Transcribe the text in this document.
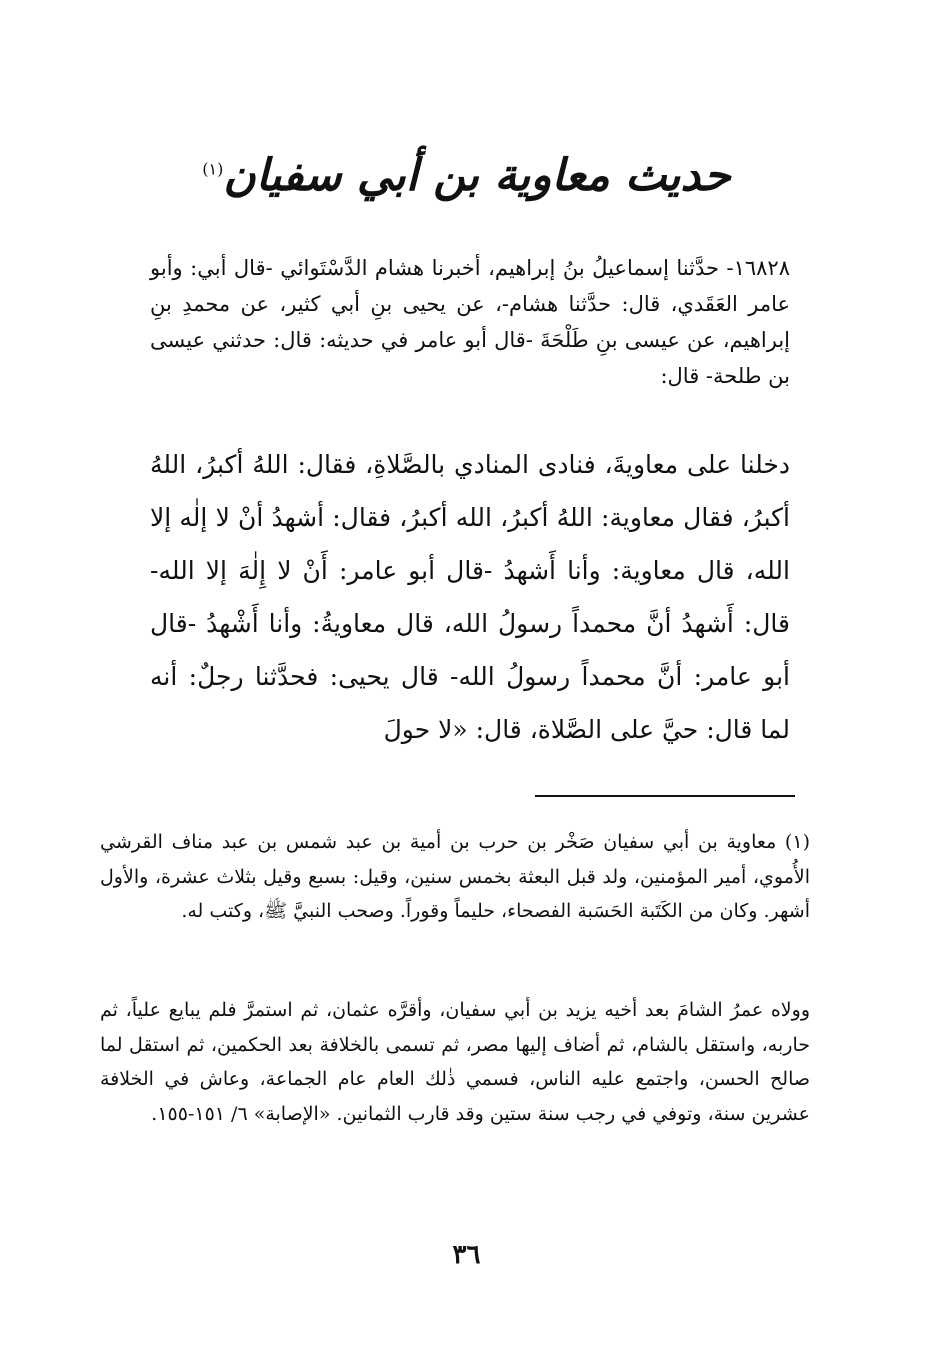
حديث معاوية بن أبي سفيان$^{(١)}$
١٦٨٢٨- حدَّثنا إسماعيلُ بنُ إبراهيم، أخبرنا هشام الدَّسْتَوائي -قال أبي: وأبو عامر العَقَدي، قال: حدَّثنا هشام-، عن يحيى بنِ أبي كثير، عن محمدِ بنِ إبراهيم، عن عيسى بنِ طَلْحَةَ -قال أبو عامر في حديثه: قال: حدثني عيسى بن طلحة- قال:
دخلنا على معاويةَ، فنادى المنادي بالصَّلاةِ، فقال: اللهُ أكبرُ، اللهُ أكبرُ، فقال معاوية: اللهُ أكبرُ، الله أكبرُ، فقال: أشهدُ أنْ لا إلٰه إلا الله، قال معاوية: وأنا أَشهدُ -قال أبو عامر: أَنْ لا إِلٰهَ إلا الله- قال: أَشهدُ أنَّ محمداً رسولُ الله، قال معاويةُ: وأنا أَشْهدُ -قال أبو عامر: أنَّ محمداً رسولُ الله- قال يحيى: فحدَّثنا رجلٌ: أنه لما قال: حيَّ على الصَّلاة، قال: «لا حولَ
(١) معاوية بن أبي سفيان صَخْر بن حرب بن أمية بن عبد شمس بن عبد مناف القرشي الأُموي، أمير المؤمنين، ولد قبل البعثة بخمس سنين، وقيل: بسبع وقيل بثلاث عشرة، والأول أشهر. وكان من الكَتَبة الحَسَبة الفصحاء، حليماً وقوراً. وصحب النبيَّ ﷺ، وكتب له.
وولاه عمرُ الشامَ بعد أخيه يزيد بن أبي سفيان، وأقرَّه عثمان، ثم استمرَّ فلم يبايع علياً، ثم حاربه، واستقل بالشام، ثم أضاف إليها مصر، ثم تسمى بالخلافة بعد الحكمين، ثم استقل لما صالح الحسن، واجتمع عليه الناس، فسمي ذٰلك العام عام الجماعة، وعاش في الخلافة عشرين سنة، وتوفي في رجب سنة ستين وقد قارب الثمانين. «الإصابة» ٦/ ١٥١-١٥٥.
٣٦
